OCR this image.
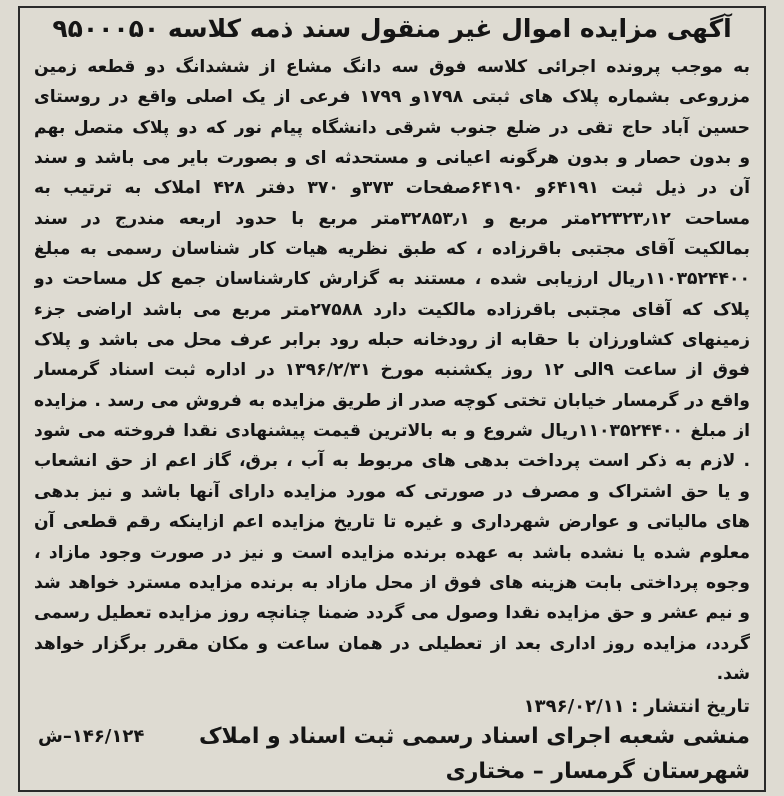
آگهی مزایده اموال غیر منقول سند ذمه کلاسه ۹۵۰۰۰۵۰
به موجب پرونده اجرائی کلاسه فوق سه دانگ مشاع از ششدانگ دو قطعه زمین
مزروعی بشماره پلاک های ثبتی ۱۷۹۸و ۱۷۹۹ فرعی از یک اصلی واقع در روستای
حسین آباد حاج تقی در ضلع جنوب شرقی دانشگاه پیام نور که دو پلاک متصل بهم
و بدون حصار و بدون هرگونه اعیانی و مستحدثه ای و بصورت بایر می باشد و سند
آن در ذیل ثبت ۶۴۱۹۱و ۶۴۱۹۰صفحات ۳۷۳و ۳۷۰ دفتر ۴۲۸ املاک به ترتیب به
مساحت ۲۲۳۲۳٫۱۲متر مربع و ۳۲۸۵۳٫۱متر مربع با حدود اربعه مندرج در سند
بمالکیت آقای مجتبی باقرزاده ، که طبق نظریه هیات کار شناسان رسمی به مبلغ
۱۱۰۳۵۲۴۴۰۰ریال ارزیابی شده ، مستند به گزارش کارشناسان جمع کل مساحت دو
پلاک که آقای مجتبی باقرزاده مالکیت دارد ۲۷۵۸۸متر مربع می باشد اراضی جزء
زمینهای کشاورزان با حقابه از رودخانه حبله رود برابر عرف محل می باشد و پلاک
فوق از ساعت ۹الی ۱۲ روز یکشنبه مورخ ۱۳۹۶/۲/۳۱ در اداره ثبت اسناد گرمسار
واقع در گرمسار خیابان تختی کوچه صدر از طریق مزایده به فروش می رسد . مزایده
از مبلغ ۱۱۰۳۵۲۴۴۰۰ریال شروع و به بالاترین قیمت پیشنهادی نقدا فروخته می شود
. لازم به ذکر است پرداخت بدهی های مربوط به آب ، برق، گاز اعم از حق انشعاب
و یا حق اشتراک و مصرف در صورتی که مورد مزایده دارای آنها باشد و نیز بدهی
های مالیاتی و عوارض شهرداری و غیره تا تاریخ مزایده اعم ازاینکه رقم قطعی آن
معلوم شده یا نشده باشد به عهده برنده مزایده است و نیز در صورت وجود مازاد ،
وجوه پرداختی بابت هزینه های فوق از محل مازاد به برنده مزایده مسترد خواهد شد
و نیم عشر و حق مزایده نقدا وصول می گردد ضمنا چنانچه روز مزایده تعطیل رسمی
گردد، مزایده روز اداری بعد از تعطیلی در همان ساعت و مکان مقرر برگزار خواهد
شد.
تاریخ انتشار : ۱۳۹۶/۰۲/۱۱
منشی شعبه اجرای اسناد رسمی ثبت اسناد و املاک
شهرستان گرمسار – مختاری
۱۴۶/۱۲۴–ش
